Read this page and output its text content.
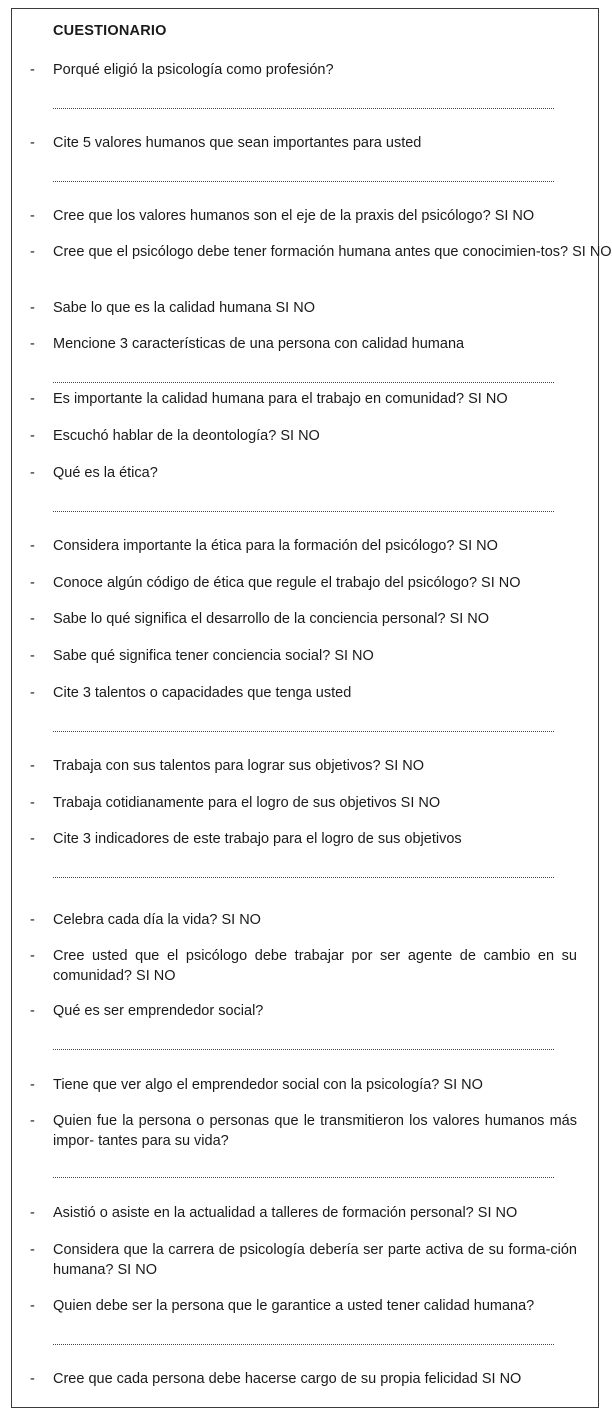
CUESTIONARIO
- Porqué eligió la psicología como profesión?
- Cite 5 valores humanos que sean importantes para usted
- Cree que los valores humanos son el eje de la praxis del psicólogo? SI NO
- Cree que el psicólogo debe tener formación humana antes que conocimien-tos? SI NO
- Sabe lo que es la calidad humana SI NO
- Mencione 3 características de una persona con calidad humana
- Es importante la calidad humana para el trabajo en comunidad? SI NO
- Escuchó hablar de la deontología? SI NO
- Qué es la ética?
- Considera importante la ética para la formación del psicólogo? SI NO
- Conoce algún código de ética que regule el trabajo del psicólogo? SI NO
- Sabe lo qué significa el desarrollo de la conciencia personal? SI NO
- Sabe qué significa tener conciencia social? SI NO
- Cite 3 talentos o capacidades que tenga usted
- Trabaja con sus talentos para lograr sus objetivos? SI NO
- Trabaja cotidianamente para el logro de sus objetivos SI NO
- Cite 3 indicadores de este trabajo para el logro de sus objetivos
- Celebra cada día la vida? SI NO
- Cree usted que el psicólogo debe trabajar por ser agente de cambio en su comunidad? SI NO
- Qué es ser emprendedor social?
- Tiene que ver algo el emprendedor social con la psicología? SI NO
- Quien fue la persona o personas que le transmitieron los valores humanos más impor- tantes para su vida?
- Asistió o asiste en la actualidad a talleres de formación personal? SI NO
- Considera que la carrera de psicología debería ser parte activa de su forma-ción humana? SI NO
- Quien debe ser la persona que le garantice a usted tener calidad humana?
- Cree que cada persona debe hacerse cargo de su propia felicidad SI NO
